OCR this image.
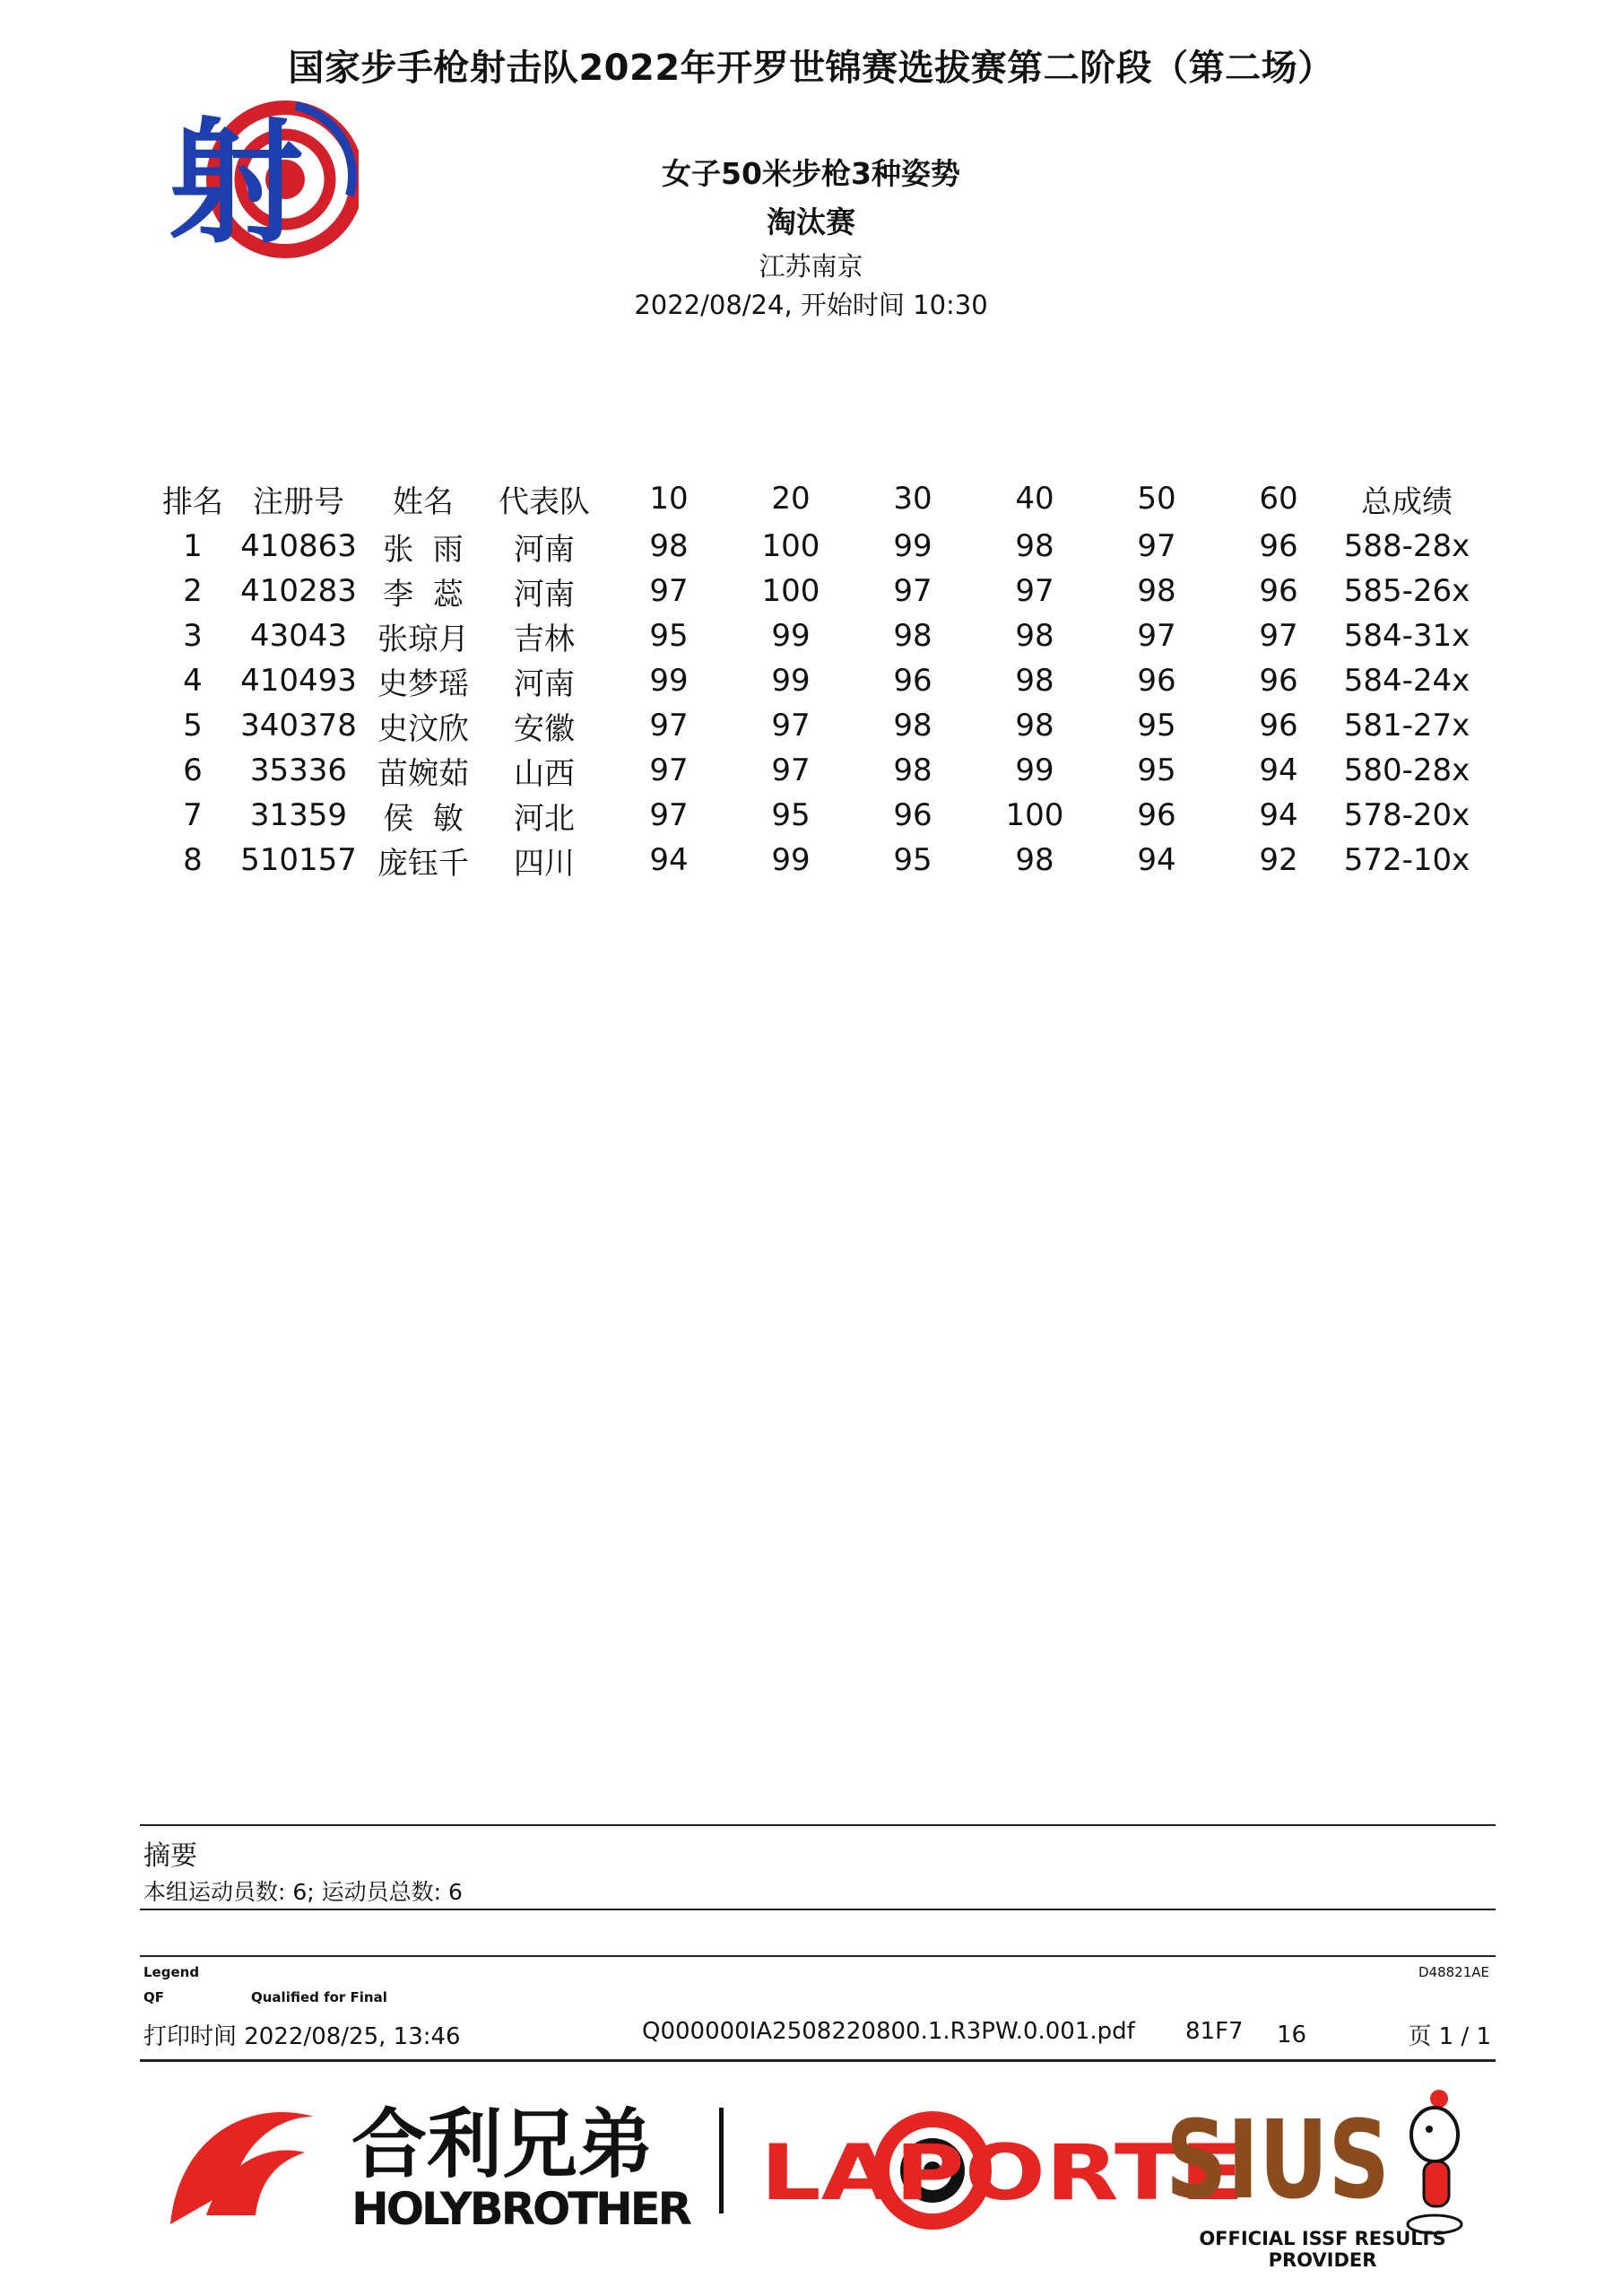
国家步手枪射击队2022年开罗世锦赛选拔赛第二阶段（第二场）
射	女子50米步枪3种姿势
淘汰赛
江苏南京
2022/08/24, 开始时间 10:30
排名	注册号	姓名	代表队	10	20	30	40	50	60	总成绩
1	410863	张  雨	河南	98	100	99	98	97	96	588-28x
2	410283	李  蕊	河南	97	100	97	97	98	96	585-26x
3	43043	张琼月	吉林	95	99	98	98	97	97	584-31x
4	410493	史梦瑶	河南	99	99	96	98	96	96	584-24x
5	340378	史汶欣	安徽	97	97	98	98	95	96	581-27x
6	35336	苗婉茹	山西	97	97	98	99	95	94	580-28x
7	31359	侯  敏	河北	97	95	96	100	96	94	578-20x
8	510157	庞钰千	四川	94	99	95	98	94	92	572-10x
摘要
本组运动员数: 6; 运动员总数: 6
Legend
QF	Qualified for Final
D48821AE
打印时间 2022/08/25, 13:46	Q000000IA2508220800.1.R3PW.0.001.pdf 81F7 16	页 1 / 1
合利兄弟
HOLYBROTHER LAPORTE
SIUS
OFFICIAL ISSF RESULTS PROVIDER
